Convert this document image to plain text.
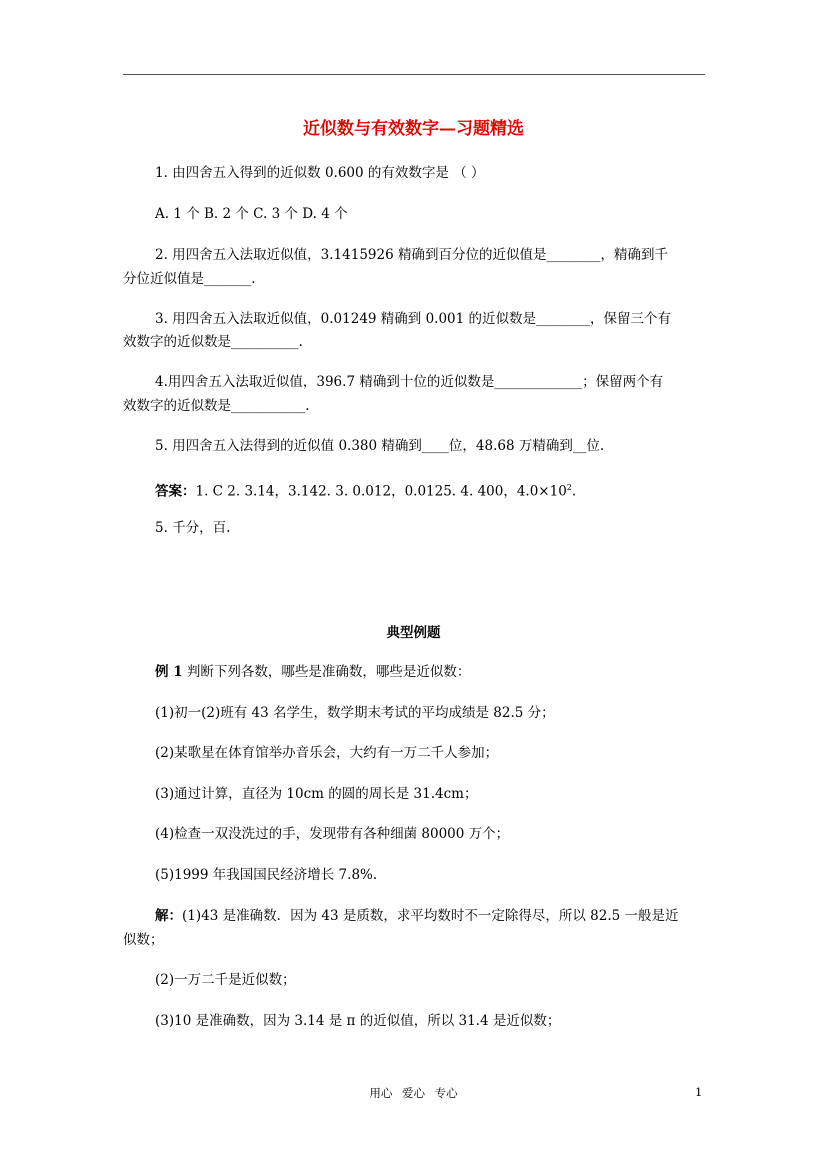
近似数与有效数字—习题精选
1. 由四舍五入得到的近似数 0.600 的有效数字是 （ ）
A. 1 个 B. 2 个 C. 3 个 D. 4 个
2. 用四舍五入法取近似值，3.1415926 精确到百分位的近似值是________，精确到千
分位近似值是_______.
3. 用四舍五入法取近似值，0.01249 精确到 0.001 的近似数是________，保留三个有
效数字的近似数是__________.
4.用四舍五入法取近似值，396.7 精确到十位的近似数是_____________；保留两个有
效数字的近似数是___________.
5. 用四舍五入法得到的近似值 0.380 精确到____位，48.68 万精确到__位.
答案：1. C 2. 3.14，3.142. 3. 0.012，0.0125. 4. 400，$4.0\times 10^2$.
5. 千分，百.
典型例题
例 1 判断下列各数，哪些是准确数，哪些是近似数：
(1)初一(2)班有 43 名学生，数学期末考试的平均成绩是 82.5 分；
(2)某歌星在体育馆举办音乐会，大约有一万二千人参加；
(3)通过计算，直径为 10cm 的圆的周长是 31.4cm；
(4)检查一双没洗过的手，发现带有各种细菌 80000 万个；
(5)1999 年我国国民经济增长 7.8%.
解：(1)43 是准确数．因为 43 是质数，求平均数时不一定除得尽，所以 82.5 一般是近
似数；
(2)一万二千是近似数；
(3)10 是准确数，因为 3.14 是 π 的近似值，所以 31.4 是近似数；
用心 爱心 专心	1
